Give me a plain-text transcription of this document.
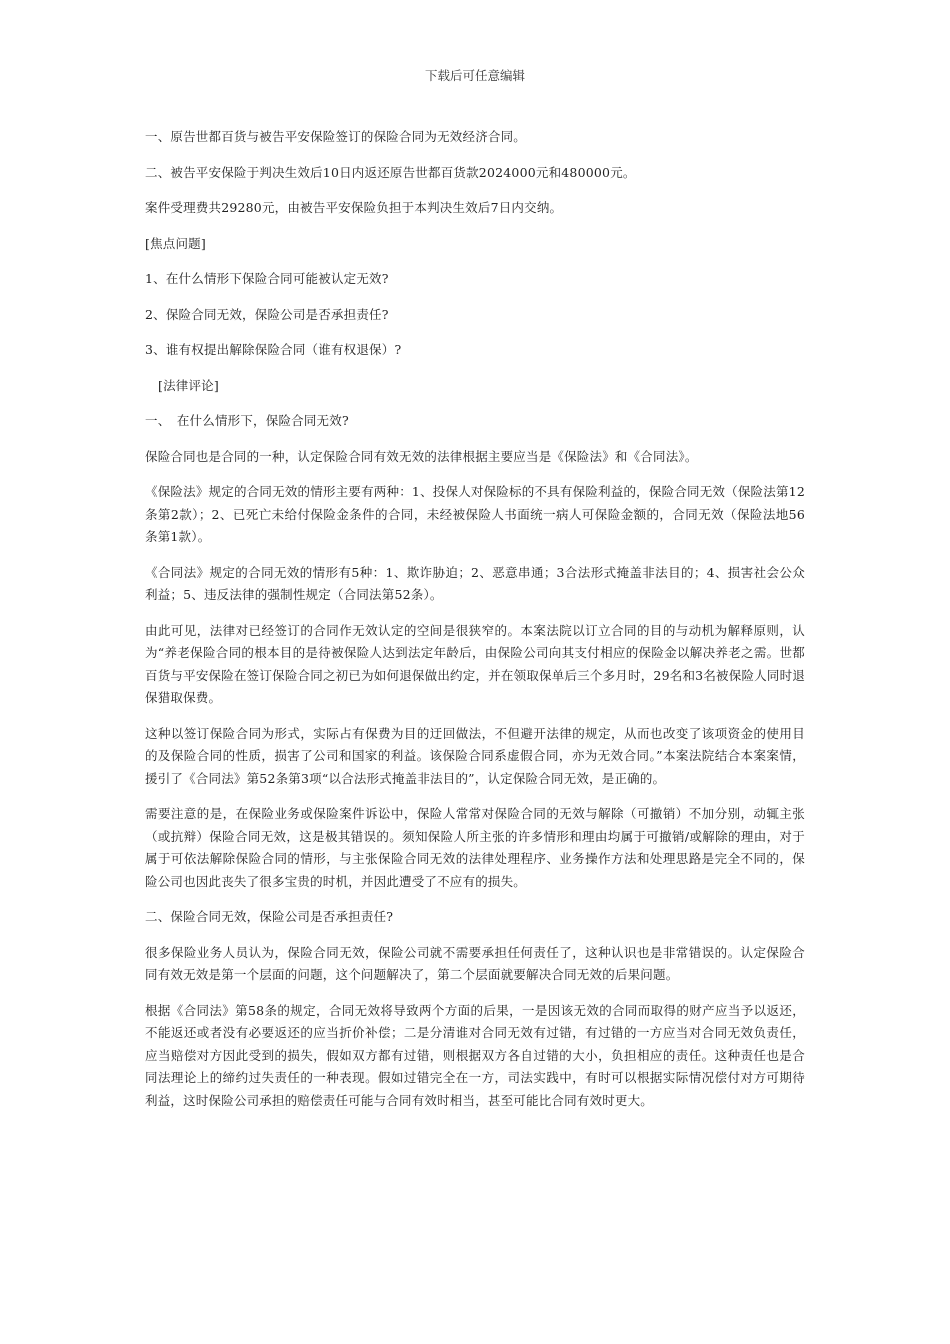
下载后可任意编辑

一、原告世都百货与被告平安保险签订的保险合同为无效经济合同。

二、被告平安保险于判决生效后10日内返还原告世都百货款2024000元和480000元。

案件受理费共29280元，由被告平安保险负担于本判决生效后7日内交纳。

[焦点问题]

1、在什么情形下保险合同可能被认定无效?

2、保险合同无效，保险公司是否承担责任?

3、谁有权提出解除保险合同（谁有权退保）?

[法律评论]

一、　在什么情形下，保险合同无效?

保险合同也是合同的一种，认定保险合同有效无效的法律根据主要应当是《保险法》和《合同法》。

《保险法》规定的合同无效的情形主要有两种：1、投保人对保险标的不具有保险利益的，保险合同无效（保险法第12条第2款）；2、已死亡未给付保险金条件的合同，未经被保险人书面统一病人可保险金额的，合同无效（保险法地56条第1款）。

《合同法》规定的合同无效的情形有5种：1、欺诈胁迫；2、恶意串通；3合法形式掩盖非法目的；4、损害社会公众利益；5、违反法律的强制性规定（合同法第52条）。

由此可见，法律对已经签订的合同作无效认定的空间是很狭窄的。本案法院以订立合同的目的与动机为解释原则，认为“养老保险合同的根本目的是待被保险人达到法定年龄后，由保险公司向其支付相应的保险金以解决养老之需。世都百货与平安保险在签订保险合同之初已为如何退保做出约定，并在领取保单后三个多月时，29名和3名被保险人同时退保猎取保费。

这种以签订保险合同为形式，实际占有保费为目的迂回做法，不但避开法律的规定，从而也改变了该项资金的使用目的及保险合同的性质，损害了公司和国家的利益。该保险合同系虚假合同，亦为无效合同。”本案法院结合本案案情，援引了《合同法》第52条第3项“以合法形式掩盖非法目的”，认定保险合同无效，是正确的。

需要注意的是，在保险业务或保险案件诉讼中，保险人常常对保险合同的无效与解除（可撤销）不加分别，动辄主张（或抗辩）保险合同无效，这是极其错误的。须知保险人所主张的许多情形和理由均属于可撤销/或解除的理由，对于属于可依法解除保险合同的情形，与主张保险合同无效的法律处理程序、业务操作方法和处理思路是完全不同的，保险公司也因此丧失了很多宝贵的时机，并因此遭受了不应有的损失。

二、保险合同无效，保险公司是否承担责任?

很多保险业务人员认为，保险合同无效，保险公司就不需要承担任何责任了，这种认识也是非常错误的。认定保险合同有效无效是第一个层面的问题，这个问题解决了，第二个层面就要解决合同无效的后果问题。

根据《合同法》第58条的规定，合同无效将导致两个方面的后果，一是因该无效的合同而取得的财产应当予以返还，不能返还或者没有必要返还的应当折价补偿；二是分清谁对合同无效有过错，有过错的一方应当对合同无效负责任，应当赔偿对方因此受到的损失，假如双方都有过错，则根据双方各自过错的大小，负担相应的责任。这种责任也是合同法理论上的缔约过失责任的一种表现。假如过错完全在一方，司法实践中，有时可以根据实际情况偿付对方可期待利益，这时保险公司承担的赔偿责任可能与合同有效时相当，甚至可能比合同有效时更大。
